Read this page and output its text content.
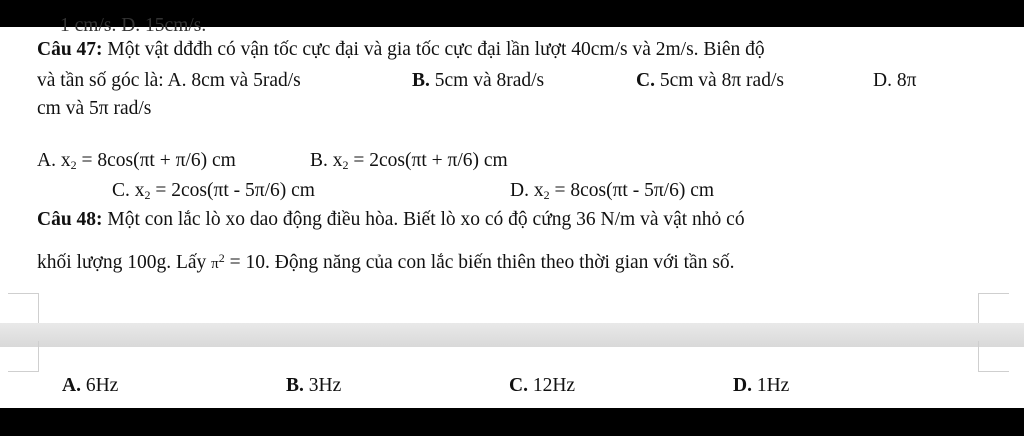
1 cm/s. D. 15cm/s.
Câu 47: Một vật dđđh có vận tốc cực đại và gia tốc cực đại lần lượt 40cm/s và 2m/s. Biên độ
và tần số góc là: A. 8cm và 5rad/s	B. 5cm và 8rad/s	C. 5cm và 8π rad/s	D. 8π
cm và 5π rad/s
A. $x_2 = 8\cos(\pi t + \pi/6)$ cm	B. $x_2 = 2\cos(\pi t + \pi/6)$ cm
C. $x_2 = 2\cos(\pi t - 5\pi/6)$ cm	D. $x_2 = 8\cos(\pi t - 5\pi/6)$ cm
Câu 48: Một con lắc lò xo dao động điều hòa. Biết lò xo có độ cứng 36 N/m và vật nhỏ có
khối lượng 100g. Lấy $\pi^2 = 10$. Động năng của con lắc biến thiên theo thời gian với tần số.
A. 6Hz	B. 3Hz	C. 12Hz	D. 1Hz
